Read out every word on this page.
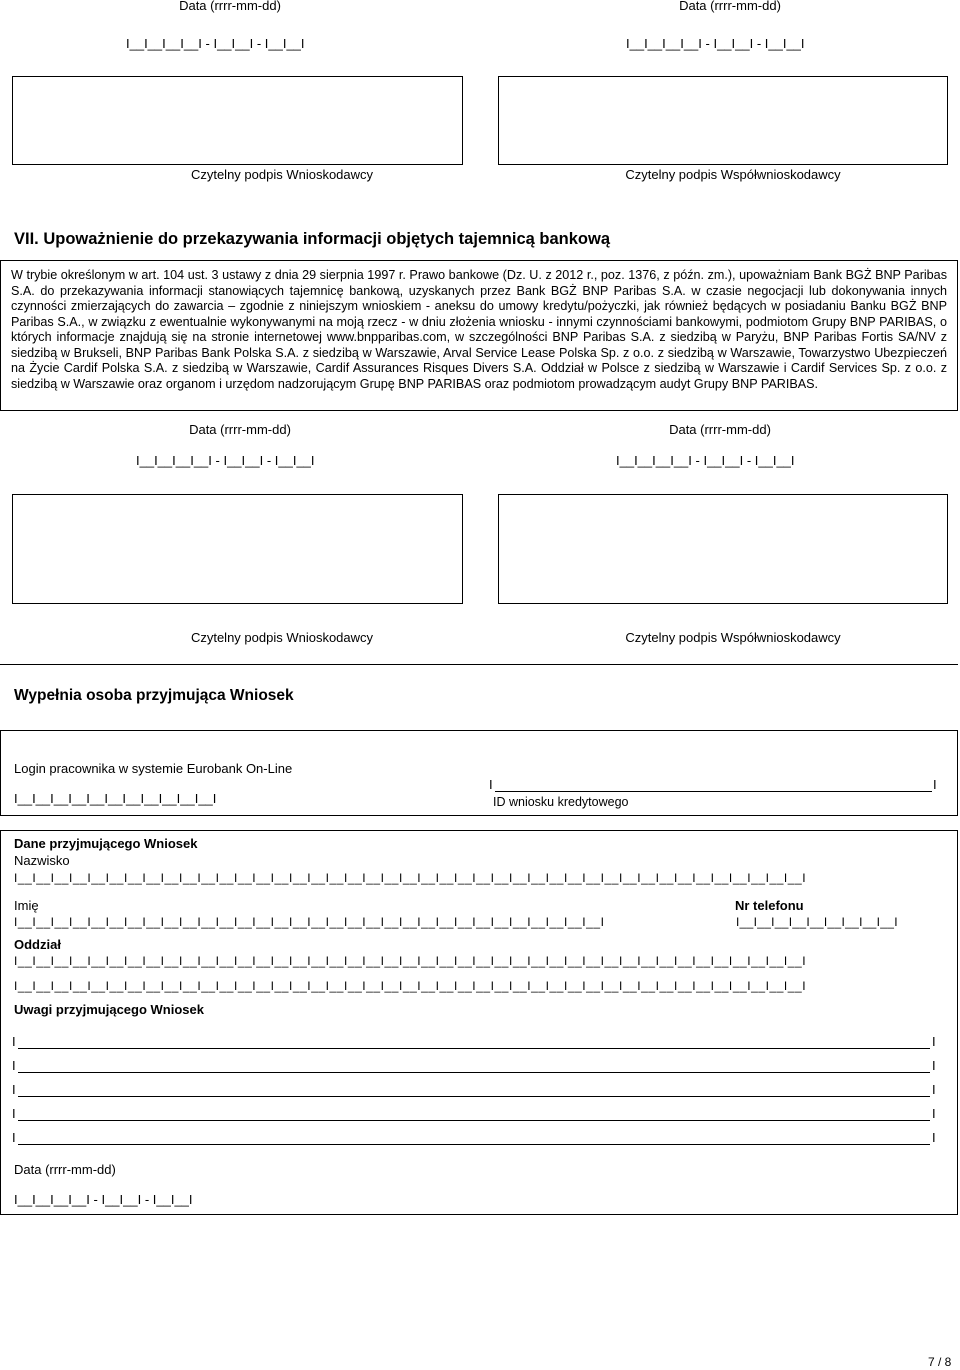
Data (rrrr-mm-dd)	Data (rrrr-mm-dd)
I__I__I__I__I - I__I__I - I__I__I	I__I__I__I__I - I__I__I - I__I__I
Czytelny podpis Wnioskodawcy	Czytelny podpis Współwnioskodawcy
VII. Upoważnienie do przekazywania informacji objętych tajemnicą bankową
W trybie określonym w art. 104 ust. 3 ustawy z dnia 29 sierpnia 1997 r. Prawo bankowe (Dz. U. z 2012 r., poz. 1376, z późn. zm.), upoważniam Bank BGŻ BNP Paribas S.A. do przekazywania informacji stanowiących tajemnicę bankową, uzyskanych przez Bank BGŻ BNP Paribas S.A. w czasie negocjacji lub dokonywania innych czynności zmierzających do zawarcia – zgodnie z niniejszym wnioskiem - aneksu do umowy kredytu/pożyczki, jak również będących w posiadaniu Banku BGŻ BNP Paribas S.A., w związku z ewentualnie wykonywanymi na moją rzecz - w dniu złożenia wniosku - innymi czynnościami bankowymi, podmiotom Grupy BNP PARIBAS, o których informacje znajdują się na stronie internetowej www.bnpparibas.com, w szczególności BNP Paribas S.A. z siedzibą w Paryżu, BNP Paribas Fortis SA/NV z siedzibą w Brukseli, BNP Paribas Bank Polska S.A. z siedzibą w Warszawie, Arval Service Lease Polska Sp. z o.o. z siedzibą w Warszawie, Towarzystwo Ubezpieczeń na Życie Cardif Polska S.A. z siedzibą w Warszawie, Cardif Assurances Risques Divers S.A. Oddział w Polsce z siedzibą w Warszawie i Cardif Services Sp. z o.o. z siedzibą w Warszawie oraz organom i urzędom nadzorującym Grupę BNP PARIBAS oraz podmiotom prowadzącym audyt Grupy BNP PARIBAS.
Data (rrrr-mm-dd)	Data (rrrr-mm-dd)
I__I__I__I__I - I__I__I - I__I__I	I__I__I__I__I - I__I__I - I__I__I
Czytelny podpis Wnioskodawcy	Czytelny podpis Współwnioskodawcy
Wypełnia osoba przyjmująca Wniosek
Login pracownika w systemie Eurobank On-Line
I__I__I__I__I__I__I__I__I__I__I__I
I	I
ID wniosku kredytowego
Dane przyjmującego Wniosek
Nazwisko
I__I__I__I__I__I__I__I__I__I__I__I__I__I__I__I__I__I__I__I__I__I__I__I__I__I__I__I__I__I__I__I__I__I__I__I__I__I__I__I__I__I__I__I
Imię	Nr telefonu
I__I__I__I__I__I__I__I__I__I__I__I__I__I__I__I__I__I__I__I__I__I__I__I__I__I__I__I__I__I__I__I__I	I__I__I__I__I__I__I__I__I__I
Oddział
I__I__I__I__I__I__I__I__I__I__I__I__I__I__I__I__I__I__I__I__I__I__I__I__I__I__I__I__I__I__I__I__I__I__I__I__I__I__I__I__I__I__I__I
I__I__I__I__I__I__I__I__I__I__I__I__I__I__I__I__I__I__I__I__I__I__I__I__I__I__I__I__I__I__I__I__I__I__I__I__I__I__I__I__I__I__I__I
Uwagi przyjmującego Wniosek
I	I
I	I
I	I
I	I
I	I
Data (rrrr-mm-dd)
I__I__I__I__I - I__I__I - I__I__I
7 / 8
